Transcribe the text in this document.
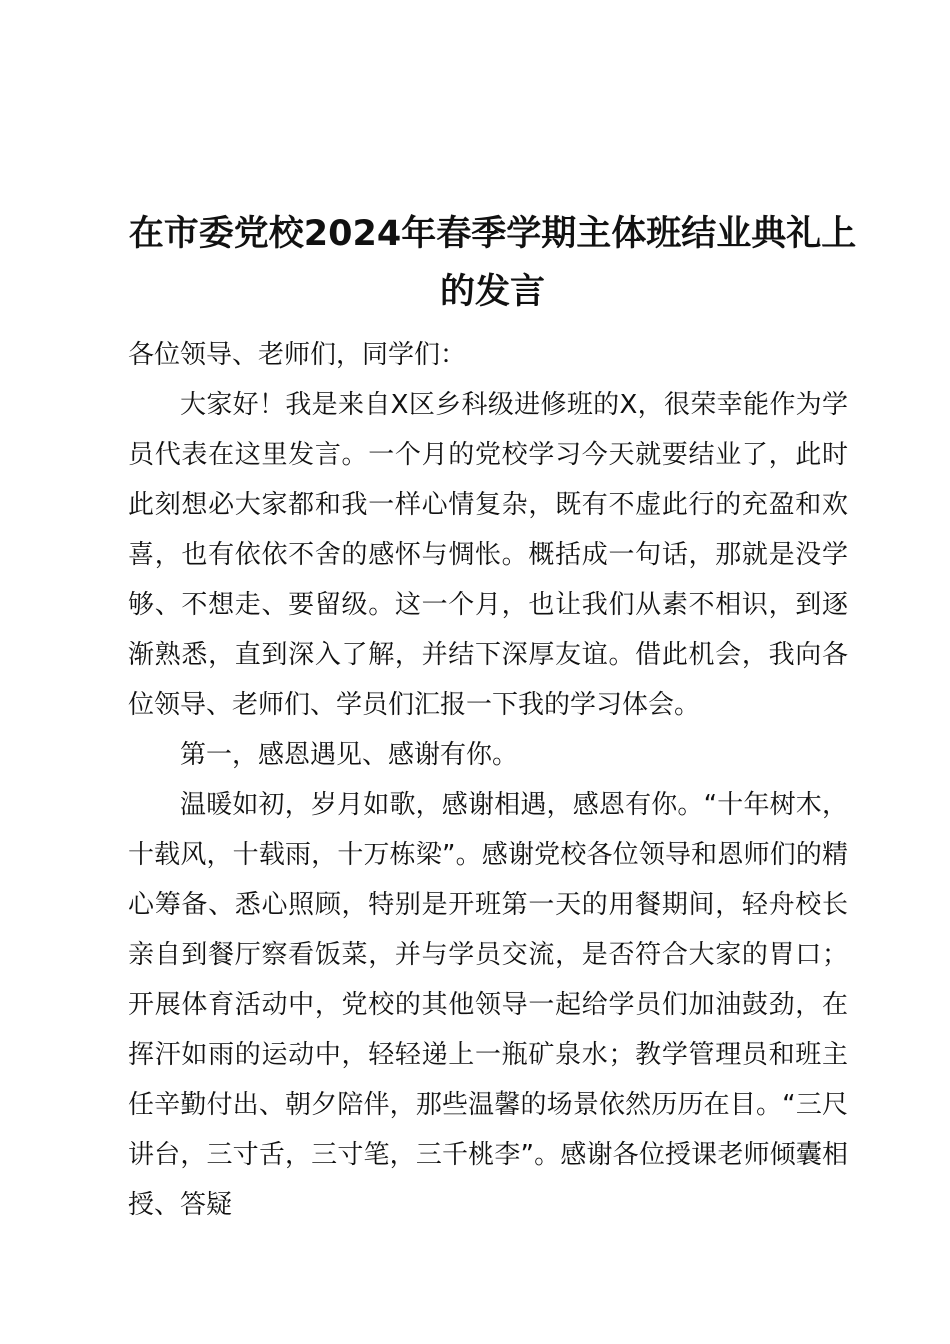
在市委党校2024年春季学期主体班结业典礼上的发言

各位领导、老师们，同学们：

大家好！我是来自X区乡科级进修班的X，很荣幸能作为学员代表在这里发言。一个月的党校学习今天就要结业了，此时此刻想必大家都和我一样心情复杂，既有不虚此行的充盈和欢喜，也有依依不舍的感怀与惆怅。概括成一句话，那就是没学够、不想走、要留级。这一个月，也让我们从素不相识，到逐渐熟悉，直到深入了解，并结下深厚友谊。借此机会，我向各位领导、老师们、学员们汇报一下我的学习体会。

第一，感恩遇见、感谢有你。

温暖如初，岁月如歌，感谢相遇，感恩有你。“十年树木，十载风，十载雨，十万栋梁”。感谢党校各位领导和恩师们的精心筹备、悉心照顾，特别是开班第一天的用餐期间，轻舟校长亲自到餐厅察看饭菜，并与学员交流，是否符合大家的胃口；开展体育活动中，党校的其他领导一起给学员们加油鼓劲，在挥汗如雨的运动中，轻轻递上一瓶矿泉水；教学管理员和班主任辛勤付出、朝夕陪伴，那些温馨的场景依然历历在目。“三尺讲台，三寸舌，三寸笔，三千桃李”。感谢各位授课老师倾囊相授、答疑
